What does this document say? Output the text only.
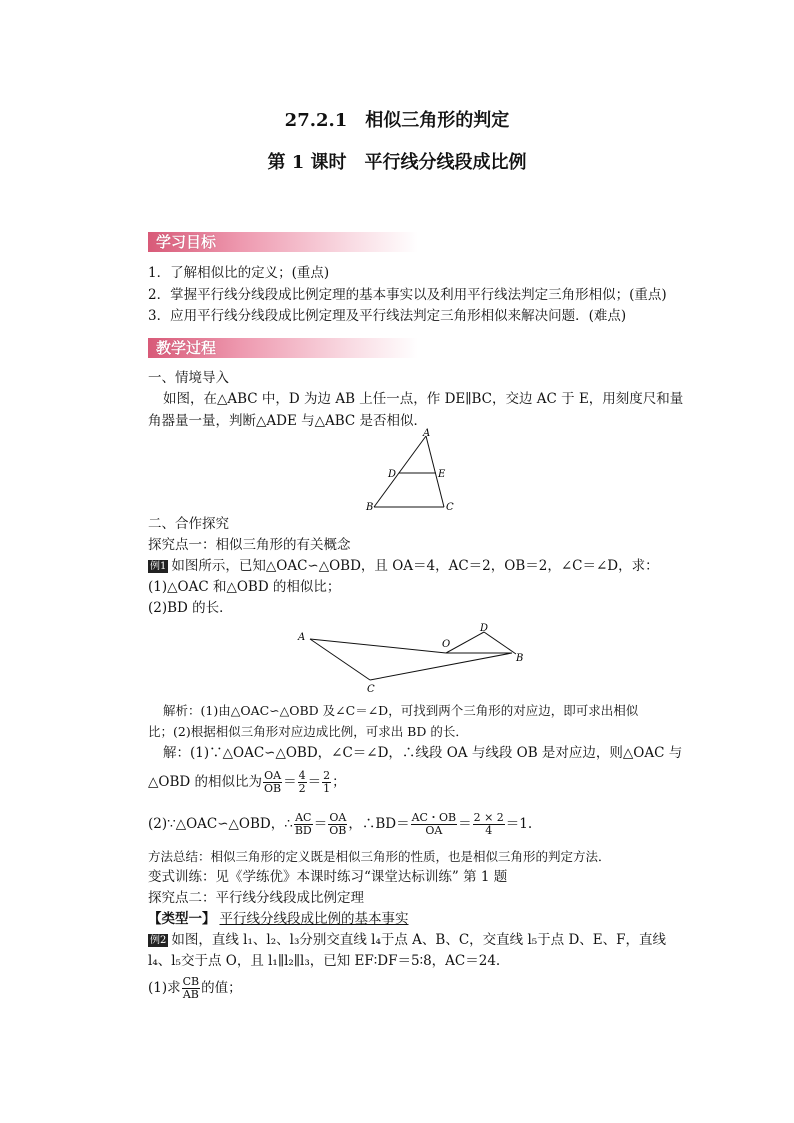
27.2.1　相似三角形的判定
第 1 课时　平行线分线段成比例
学习目标
1．了解相似比的定义；(重点)
2．掌握平行线分线段成比例定理的基本事实以及利用平行线法判定三角形相似；(重点)
3．应用平行线分线段成比例定理及平行线法判定三角形相似来解决问题．(难点)
教学过程
一、情境导入
如图，在△ABC 中，D 为边 AB 上任一点，作 DE∥BC，交边 AC 于 E，用刻度尺和量
角器量一量，判断△ADE 与△ABC 是否相似．
A
D	E
B	C
二、合作探究
探究点一：相似三角形的有关概念
例1 如图所示，已知△OAC∽△OBD，且 OA＝4，AC＝2，OB＝2，∠C＝∠D，求：
(1)△OAC 和△OBD 的相似比；
(2)BD 的长．
A
O
D
B
C
解析：(1)由△OAC∽△OBD 及∠C＝∠D，可找到两个三角形的对应边，即可求出相似
比；(2)根据相似三角形对应边成比例，可求出 BD 的长．
解：(1)∵△OAC∽△OBD，∠C＝∠D，∴线段 OA 与线段 OB 是对应边，则△OAC 与
△OBD 的相似比为 $\frac{OA}{OB} = \frac{4}{2} = \frac{2}{1}$ ；
(2)∵△OAC∽△OBD，∴ $\frac{AC}{BD} = \frac{OA}{OB}$ ，∴BD＝ $\frac{AC・OB}{OA} = \frac{2 \times 2}{4} =1$.
方法总结：相似三角形的定义既是相似三角形的性质，也是相似三角形的判定方法．
变式训练：见《学练优》本课时练习“课堂达标训练” 第 1 题
探究点二：平行线分线段成比例定理
【类型一】 平行线分线段成比例的基本事实
例2 如图，直线 l₁、l₂、l₃分别交直线 l₄于点 A、B、C，交直线 l₅于点 D、E、F，直线
l₄、l₅交于点 O，且 l₁∥l₂∥l₃，已知 EF∶DF＝5∶8，AC＝24.
(1)求 $\frac{CB}{AB}$ 的值；
